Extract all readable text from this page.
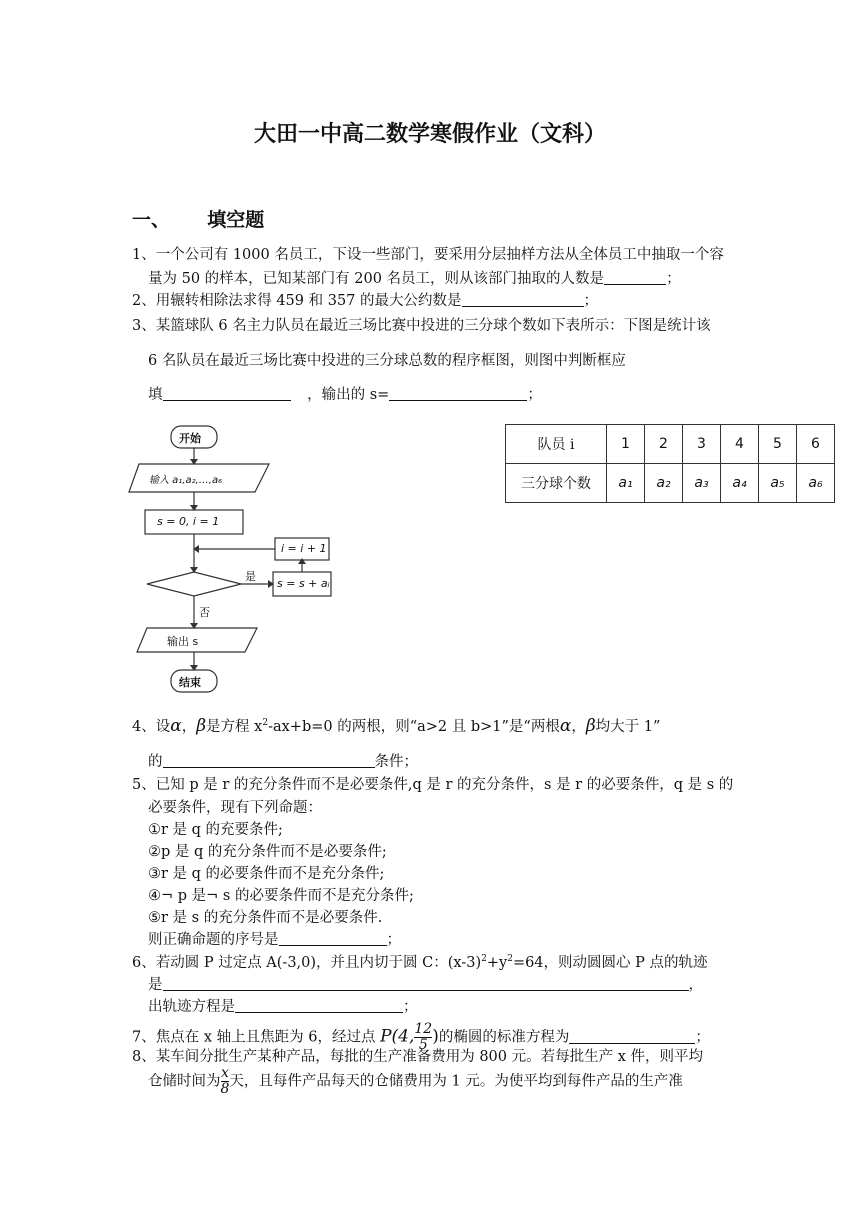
大田一中高二数学寒假作业（文科）
一、 填空题
1、一个公司有 1000 名员工，下设一些部门，要采用分层抽样方法从全体员工中抽取一个容
量为 50 的样本，已知某部门有 200 名员工，则从该部门抽取的人数是	；
2、用辗转相除法求得 459 和 357 的最大公约数是	；
3、某篮球队 6 名主力队员在最近三场比赛中投进的三分球个数如下表所示：下图是统计该
6 名队员在最近三场比赛中投进的三分球总数的程序框图，则图中判断框应
填	，输出的 s=	；
开始
输入 a₁,a₂,…,a₆
s = 0, i = 1
i = i + 1
s = s + aᵢ
是
否
输出 s
结束
队员 i	1	2	3	4	5	6
三分球个数	a₁	a₂	a₃	a₄	a₅	a₆
4、设α，β是方程 $x^2-ax+b=0$ 的两根，则“a>2 且 b>1”是“两根α，β均大于 1”
的	条件；
5、已知 p 是 r 的充分条件而不是必要条件,q 是 r 的充分条件，s 是 r 的必要条件，q 是 s 的
必要条件，现有下列命题：
①r 是 q 的充要条件;
②p 是 q 的充分条件而不是必要条件;
③r 是 q 的必要条件而不是充分条件;
④¬ p 是¬ s 的必要条件而不是充分条件;
⑤r 是 s 的充分条件而不是必要条件.
则正确命题的序号是	；
6、若动圆 P 过定点 A(-3,0)，并且内切于圆 C：$(x-3)^2+y^2=64$，则动圆圆心 P 点的轨迹
是	，
出轨迹方程是	；
7、焦点在 x 轴上且焦距为 6，经过点 P(4, $\frac{12}{5}$ )的椭圆的标准方程为	；
8、某车间分批生产某种产品，每批的生产准备费用为 800 元。若每批生产 x 件，则平均
仓储时间为 $\frac{x}{8}$ 天，且每件产品每天的仓储费用为 1 元。为使平均到每件产品的生产准
